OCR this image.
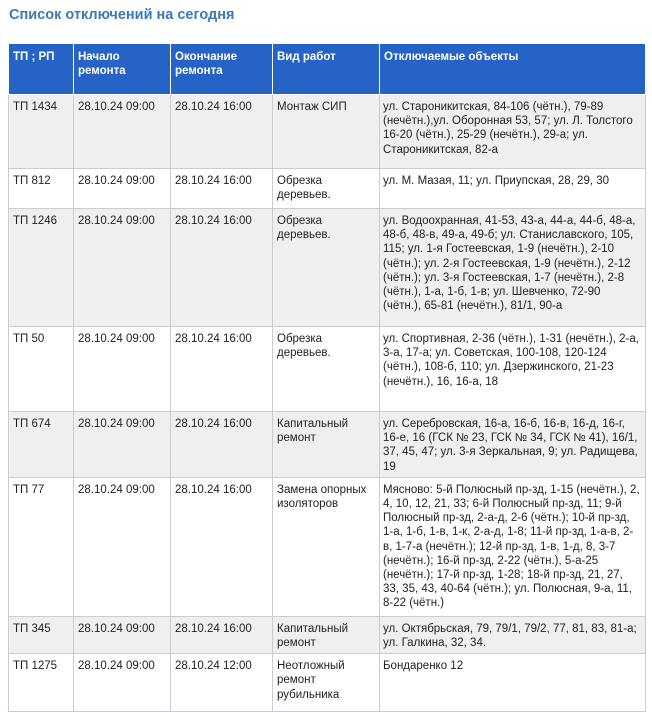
Список отключений на сегодня
ТП ; РП	Начало ремонта	Окончание ремонта	Вид работ	Отключаемые объекты
ТП 1434	28.10.24 09:00	28.10.24 16:00	Монтаж СИП	ул. Староникитская, 84-106 (чётн.), 79-89 (нечётн.),ул. Оборонная 53, 57; ул. Л. Толстого 16-20 (чётн.), 25-29 (нечётн.), 29-а; ул. Староникитская, 82-а
ТП 812	28.10.24 09:00	28.10.24 16:00	Обрезка деревьев.	ул. М. Мазая, 11; ул. Приупская, 28, 29, 30
ТП 1246	28.10.24 09:00	28.10.24 16:00	Обрезка деревьев.	ул. Водоохранная, 41-53, 43-а, 44-а, 44-б, 48-а, 48-б, 48-в, 49-а, 49-б; ул. Станиславского, 105, 115; ул. 1-я Гостеевская, 1-9 (нечётн.), 2-10 (чётн.); ул. 2-я Гостеевская, 1-9 (нечётн.), 2-12 (чётн.); ул. 3-я Гостеевская, 1-7 (нечётн.), 2-8 (чётн.), 1-а, 1-б, 1-в; ул. Шевченко, 72-90 (чётн.), 65-81 (нечётн.), 81/1, 90-а
ТП 50	28.10.24 09:00	28.10.24 16:00	Обрезка деревьев.	ул. Спортивная, 2-36 (чётн.), 1-31 (нечётн.), 2-а, 3-а, 17-а; ул. Советская, 100-108, 120-124 (чётн.), 108-б, 110; ул. Дзержинского, 21-23 (нечётн.), 16, 16-а, 18
ТП 674	28.10.24 09:00	28.10.24 16:00	Капитальный ремонт	ул. Серебровская, 16-а, 16-б, 16-в, 16-д, 16-г, 16-е, 16 (ГСК № 23, ГСК № 34, ГСК № 41), 16/1, 37, 45, 47; ул. 3-я Зеркальная, 9; ул. Радищева, 19
ТП 77	28.10.24 09:00	28.10.24 16:00	Замена опорных изоляторов	Мясново: 5-й Полюсный пр-зд, 1-15 (нечётн.), 2, 4, 10, 12, 21, 33; 6-й Полюсный пр-зд, 11; 9-й Полюсный пр-зд, 2-а-д, 2-6 (чётн.); 10-й пр-зд, 1-а, 1-б, 1-в, 1-к, 2-а-д, 1-8; 11-й пр-зд, 1-а-в, 2-в, 1-7-а (нечётн.); 12-й пр-зд, 1-в, 1-д, 8, 3-7 (нечётн.); 16-й пр-зд, 2-22 (чётн.), 5-а-25 (нечётн.); 17-й пр-зд, 1-28; 18-й пр-зд, 21, 27, 33, 35, 43, 40-64 (чётн.); ул. Полюсная, 9-а, 11, 8-22 (чётн.)
ТП 345	28.10.24 09:00	28.10.24 16:00	Капитальный ремонт	ул. Октябрьская, 79, 79/1, 79/2, 77, 81, 83, 81-а; ул. Галкина, 32, 34.
ТП 1275	28.10.24 09:00	28.10.24 12:00	Неотложный ремонт рубильника	Бондаренко 12
